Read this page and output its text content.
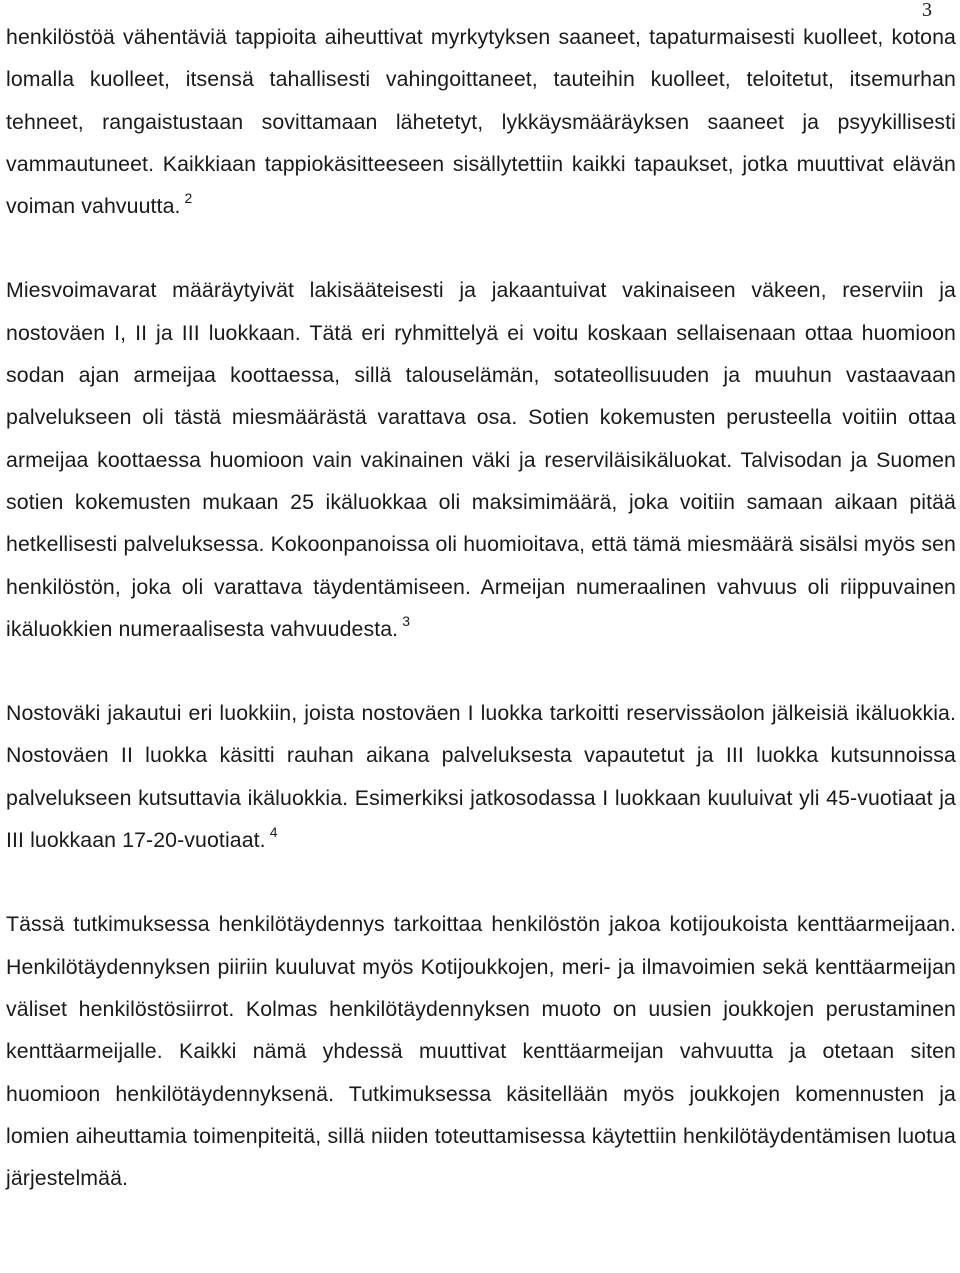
3

henkilöstöä vähentäviä tappioita aiheuttivat myrkytyksen saaneet, tapaturmaisesti kuolleet, kotona lomalla kuolleet, itsensä tahallisesti vahingoittaneet, tauteihin kuolleet, teloitetut, itsemurhan tehneet, rangaistustaan sovittamaan lähetetyt, lykkäysmääräyksen saaneet ja psyykillisesti vammautuneet. Kaikkiaan tappiokäsitteeseen sisällytettiin kaikki tapaukset, jotka muuttivat elävän voiman vahvuutta. $^2$

Miesvoimavarat määräytyivät lakisääteisesti ja jakaantuivat vakinaiseen väkeen, reserviin ja nostoväen I, II ja III luokkaan. Tätä eri ryhmittelyä ei voitu koskaan sellaisenaan ottaa huomioon sodan ajan armeijaa koottaessa, sillä talouselämän, sotateollisuuden ja muuhun vastaavaan palvelukseen oli tästä miesmäärästä varattava osa. Sotien kokemusten perusteella voitiin ottaa armeijaa koottaessa huomioon vain vakinainen väki ja reserviläisikäluokat. Talvisodan ja Suomen sotien kokemusten mukaan 25 ikäluokkaa oli maksimimäärä, joka voitiin samaan aikaan pitää hetkellisesti palveluksessa. Kokoonpanoissa oli huomioitava, että tämä miesmäärä sisälsi myös sen henkilöstön, joka oli varattava täydentämiseen. Armeijan numeraalinen vahvuus oli riippuvainen ikäluokkien numeraalisesta vahvuudesta. $^3$

Nostoväki jakautui eri luokkiin, joista nostoväen I luokka tarkoitti reservissäolon jälkeisiä ikäluokkia. Nostoväen II luokka käsitti rauhan aikana palveluksesta vapautetut ja III luokka kutsunnoissa palvelukseen kutsuttavia ikäluokkia. Esimerkiksi jatkosodassa I luokkaan kuuluivat yli 45-vuotiaat ja III luokkaan 17-20-vuotiaat. $^4$

Tässä tutkimuksessa henkilötäydennys tarkoittaa henkilöstön jakoa kotijoukoista kenttäarmeijaan. Henkilötäydennyksen piiriin kuuluvat myös Kotijoukkojen, meri- ja ilmavoimien sekä kenttäarmeijan väliset henkilöstösiirrot. Kolmas henkilötäydennyksen muoto on uusien joukkojen perustaminen kenttäarmeijalle. Kaikki nämä yhdessä muuttivat kenttäarmeijan vahvuutta ja otetaan siten huomioon henkilötäydennyksenä. Tutkimuksessa käsitellään myös joukkojen komennusten ja lomien aiheuttamia toimenpiteitä, sillä niiden toteuttamisessa käytettiin henkilötäydentämisen luotua järjestelmää.
